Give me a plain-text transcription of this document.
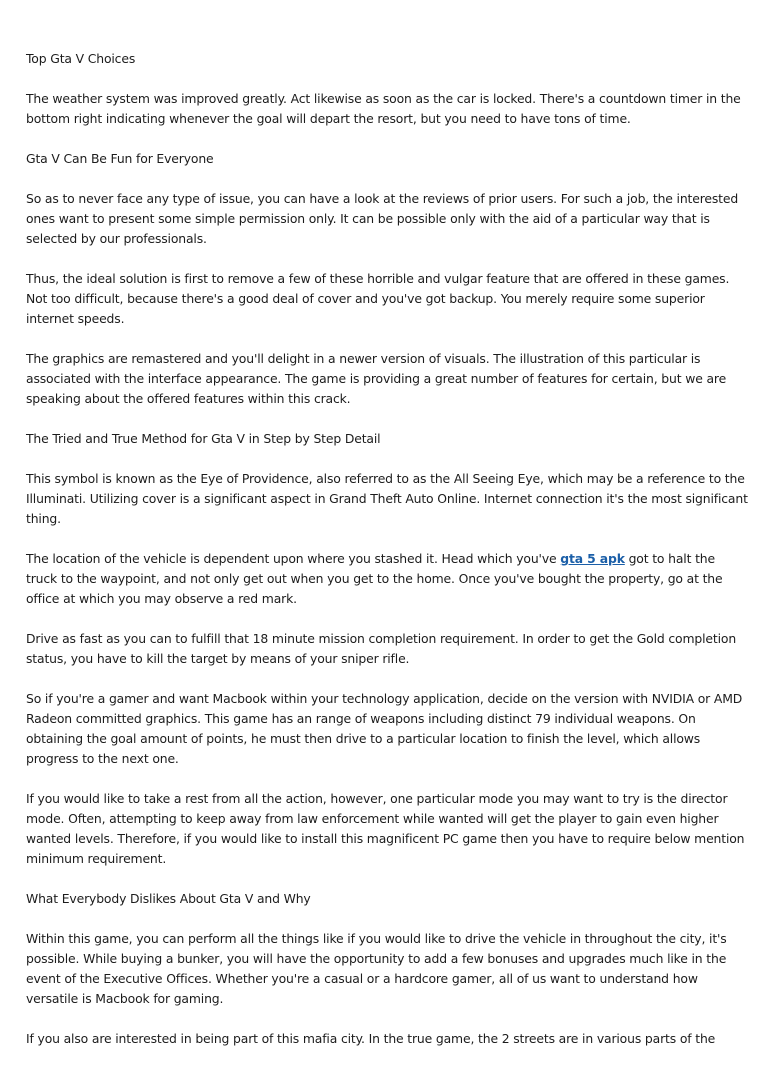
Top Gta V Choices
The weather system was improved greatly. Act likewise as soon as the car is locked. There's a countdown timer in the bottom right indicating whenever the goal will depart the resort, but you need to have tons of time.
Gta V Can Be Fun for Everyone
So as to never face any type of issue, you can have a look at the reviews of prior users. For such a job, the interested ones want to present some simple permission only. It can be possible only with the aid of a particular way that is selected by our professionals.
Thus, the ideal solution is first to remove a few of these horrible and vulgar feature that are offered in these games. Not too difficult, because there's a good deal of cover and you've got backup. You merely require some superior internet speeds.
The graphics are remastered and you'll delight in a newer version of visuals. The illustration of this particular is associated with the interface appearance. The game is providing a great number of features for certain, but we are speaking about the offered features within this crack.
The Tried and True Method for Gta V in Step by Step Detail
This symbol is known as the Eye of Providence, also referred to as the All Seeing Eye, which may be a reference to the Illuminati. Utilizing cover is a significant aspect in Grand Theft Auto Online. Internet connection it's the most significant thing.
The location of the vehicle is dependent upon where you stashed it. Head which you've gta 5 apk got to halt the truck to the waypoint, and not only get out when you get to the home. Once you've bought the property, go at the office at which you may observe a red mark.
Drive as fast as you can to fulfill that 18 minute mission completion requirement. In order to get the Gold completion status, you have to kill the target by means of your sniper rifle.
So if you're a gamer and want Macbook within your technology application, decide on the version with NVIDIA or AMD Radeon committed graphics. This game has an range of weapons including distinct 79 individual weapons. On obtaining the goal amount of points, he must then drive to a particular location to finish the level, which allows progress to the next one.
If you would like to take a rest from all the action, however, one particular mode you may want to try is the director mode. Often, attempting to keep away from law enforcement while wanted will get the player to gain even higher wanted levels. Therefore, if you would like to install this magnificent PC game then you have to require below mention minimum requirement.
What Everybody Dislikes About Gta V and Why
Within this game, you can perform all the things like if you would like to drive the vehicle in throughout the city, it's possible. While buying a bunker, you will have the opportunity to add a few bonuses and upgrades much like in the event of the Executive Offices. Whether you're a casual or a hardcore gamer, all of us want to understand how versatile is Macbook for gaming.
If you also are interested in being part of this mafia city. In the true game, the 2 streets are in various parts of the
